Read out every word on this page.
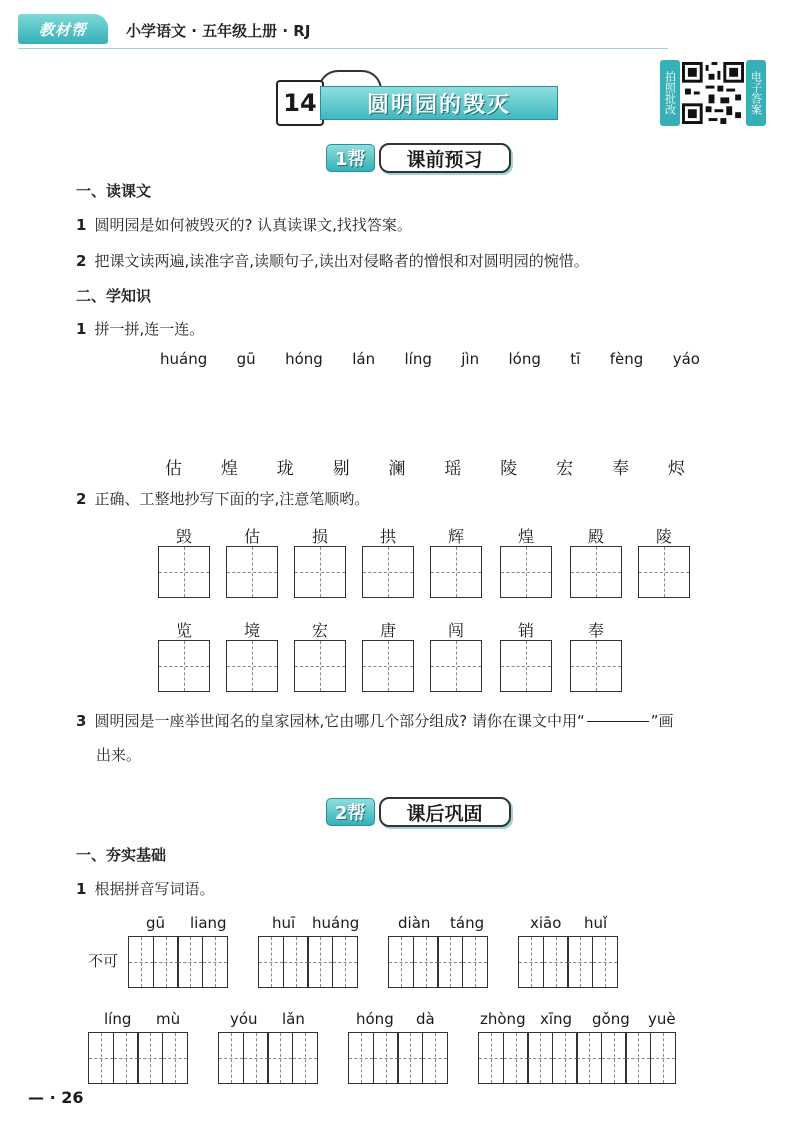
教材帮	小学语文 · 五年级上册 · RJ
14	圆明园的毁灭	拍照批改	电子答案
1帮	课前预习
一、读课文
1 圆明园是如何被毁灭的? 认真读课文,找找答案。
2 把课文读两遍,读准字音,读顺句子,读出对侵略者的憎恨和对圆明园的惋惜。
二、学知识
1 拼一拼,连一连。
huáng gū hóng lán líng jìn lóng tī fèng yáo
估 煌 珑 剔 澜 瑶 陵 宏 奉 烬
2 正确、工整地抄写下面的字,注意笔顺哟。
毁	估	损	拱	辉	煌	殿	陵
览	境	宏	唐	闯	销	奉
3 圆明园是一座举世闻名的皇家园林,它由哪几个部分组成? 请你在课文中用“	”画
出来。
2帮	课后巩固
一、夯实基础
1 根据拼音写词语。
不可
gū liang	huī huáng	diàn táng	xiāo huǐ
líng mù	yóu lǎn	hóng dà	zhòng xīng gǒng yuè
— · 26
